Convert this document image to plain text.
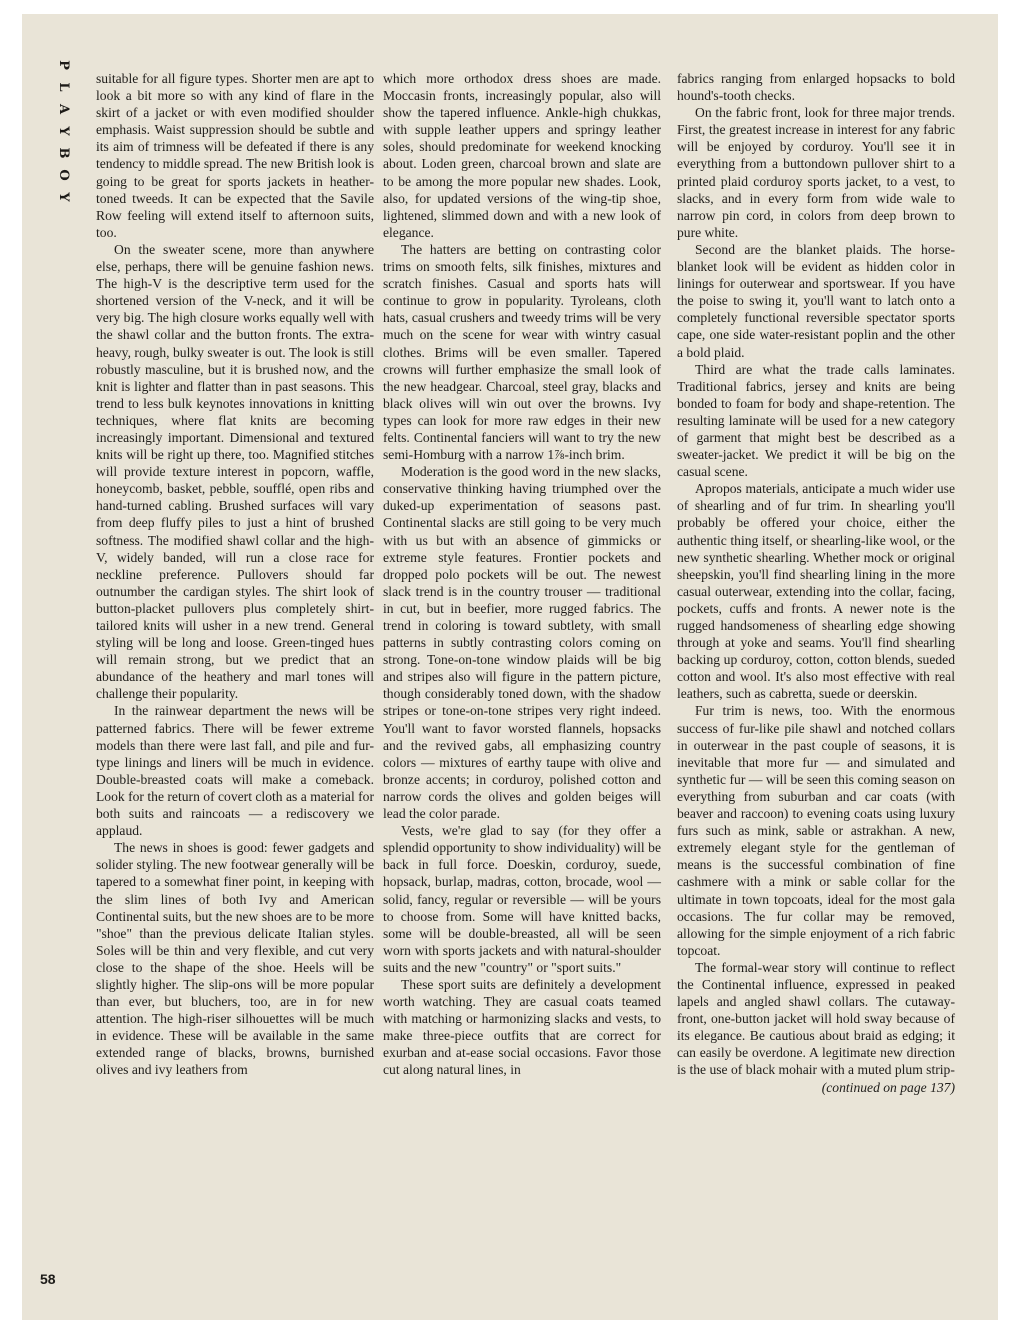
P
L
A
Y
B
O
Y

suitable for all figure types. Shorter men are apt to look a bit more so with any kind of flare in the skirt of a jacket or with even modified shoulder emphasis. Waist suppression should be subtle and its aim of trimness will be defeated if there is any tendency to middle spread. The new British look is going to be great for sports jackets in heather-toned tweeds. It can be expected that the Savile Row feeling will extend itself to afternoon suits, too.

On the sweater scene, more than anywhere else, perhaps, there will be genuine fashion news. The high-V is the descriptive term used for the shortened version of the V-neck, and it will be very big. The high closure works equally well with the shawl collar and the button fronts. The extra-heavy, rough, bulky sweater is out. The look is still robustly masculine, but it is brushed now, and the knit is lighter and flatter than in past seasons. This trend to less bulk keynotes innovations in knitting techniques, where flat knits are becoming increasingly important. Dimensional and textured knits will be right up there, too. Magnified stitches will provide texture interest in popcorn, waffle, honeycomb, basket, pebble, soufflé, open ribs and hand-turned cabling. Brushed surfaces will vary from deep fluffy piles to just a hint of brushed softness. The modified shawl collar and the high-V, widely banded, will run a close race for neckline preference. Pullovers should far outnumber the cardigan styles. The shirt look of button-placket pullovers plus completely shirt-tailored knits will usher in a new trend. General styling will be long and loose. Green-tinged hues will remain strong, but we predict that an abundance of the heathery and marl tones will challenge their popularity.

In the rainwear department the news will be patterned fabrics. There will be fewer extreme models than there were last fall, and pile and fur-type linings and liners will be much in evidence. Double-breasted coats will make a comeback. Look for the return of covert cloth as a material for both suits and raincoats — a rediscovery we applaud.

The news in shoes is good: fewer gadgets and solider styling. The new footwear generally will be tapered to a somewhat finer point, in keeping with the slim lines of both Ivy and American Continental suits, but the new shoes are to be more "shoe" than the previous delicate Italian styles. Soles will be thin and very flexible, and cut very close to the shape of the shoe. Heels will be slightly higher. The slip-ons will be more popular than ever, but bluchers, too, are in for new attention. The high-riser silhouettes will be much in evidence. These will be available in the same extended range of blacks, browns, burnished olives and ivy leathers from

which more orthodox dress shoes are made. Moccasin fronts, increasingly popular, also will show the tapered influence. Ankle-high chukkas, with supple leather uppers and springy leather soles, should predominate for weekend knocking about. Loden green, charcoal brown and slate are to be among the more popular new shades. Look, also, for updated versions of the wing-tip shoe, lightened, slimmed down and with a new look of elegance.

The hatters are betting on contrasting color trims on smooth felts, silk finishes, mixtures and scratch finishes. Casual and sports hats will continue to grow in popularity. Tyroleans, cloth hats, casual crushers and tweedy trims will be very much on the scene for wear with wintry casual clothes. Brims will be even smaller. Tapered crowns will further emphasize the small look of the new headgear. Charcoal, steel gray, blacks and black olives will win out over the browns. Ivy types can look for more raw edges in their new felts. Continental fanciers will want to try the new semi-Homburg with a narrow 1⅞-inch brim.

Moderation is the good word in the new slacks, conservative thinking having triumphed over the duked-up experimentation of seasons past. Continental slacks are still going to be very much with us but with an absence of gimmicks or extreme style features. Frontier pockets and dropped polo pockets will be out. The newest slack trend is in the country trouser — traditional in cut, but in beefier, more rugged fabrics. The trend in coloring is toward subtlety, with small patterns in subtly contrasting colors coming on strong. Tone-on-tone window plaids will be big and stripes also will figure in the pattern picture, though considerably toned down, with the shadow stripes or tone-on-tone stripes very right indeed. You'll want to favor worsted flannels, hopsacks and the revived gabs, all emphasizing country colors — mixtures of earthy taupe with olive and bronze accents; in corduroy, polished cotton and narrow cords the olives and golden beiges will lead the color parade.

Vests, we're glad to say (for they offer a splendid opportunity to show individuality) will be back in full force. Doeskin, corduroy, suede, hopsack, burlap, madras, cotton, brocade, wool — solid, fancy, regular or reversible — will be yours to choose from. Some will have knitted backs, some will be double-breasted, all will be seen worn with sports jackets and with natural-shoulder suits and the new "country" or "sport suits."

These sport suits are definitely a development worth watching. They are casual coats teamed with matching or harmonizing slacks and vests, to make three-piece outfits that are correct for exurban and at-ease social occasions. Favor those cut along natural lines, in

fabrics ranging from enlarged hopsacks to bold hound's-tooth checks.

On the fabric front, look for three major trends. First, the greatest increase in interest for any fabric will be enjoyed by corduroy. You'll see it in everything from a buttondown pullover shirt to a printed plaid corduroy sports jacket, to a vest, to slacks, and in every form from wide wale to narrow pin cord, in colors from deep brown to pure white.

Second are the blanket plaids. The horse-blanket look will be evident as hidden color in linings for outerwear and sportswear. If you have the poise to swing it, you'll want to latch onto a completely functional reversible spectator sports cape, one side water-resistant poplin and the other a bold plaid.

Third are what the trade calls laminates. Traditional fabrics, jersey and knits are being bonded to foam for body and shape-retention. The resulting laminate will be used for a new category of garment that might best be described as a sweater-jacket. We predict it will be big on the casual scene.

Apropos materials, anticipate a much wider use of shearling and of fur trim. In shearling you'll probably be offered your choice, either the authentic thing itself, or shearling-like wool, or the new synthetic shearling. Whether mock or original sheepskin, you'll find shearling lining in the more casual outerwear, extending into the collar, facing, pockets, cuffs and fronts. A newer note is the rugged handsomeness of shearling edge showing through at yoke and seams. You'll find shearling backing up corduroy, cotton, cotton blends, sueded cotton and wool. It's also most effective with real leathers, such as cabretta, suede or deerskin.

Fur trim is news, too. With the enormous success of fur-like pile shawl and notched collars in outerwear in the past couple of seasons, it is inevitable that more fur — and simulated and synthetic fur — will be seen this coming season on everything from suburban and car coats (with beaver and raccoon) to evening coats using luxury furs such as mink, sable or astrakhan. A new, extremely elegant style for the gentleman of means is the successful combination of fine cashmere with a mink or sable collar for the ultimate in town topcoats, ideal for the most gala occasions. The fur collar may be removed, allowing for the simple enjoyment of a rich fabric topcoat.

The formal-wear story will continue to reflect the Continental influence, expressed in peaked lapels and angled shawl collars. The cutaway-front, one-button jacket will hold sway because of its elegance. Be cautious about braid as edging; it can easily be overdone. A legitimate new direction is the use of black mohair with a muted plum strip-

(continued on page 137)

58
